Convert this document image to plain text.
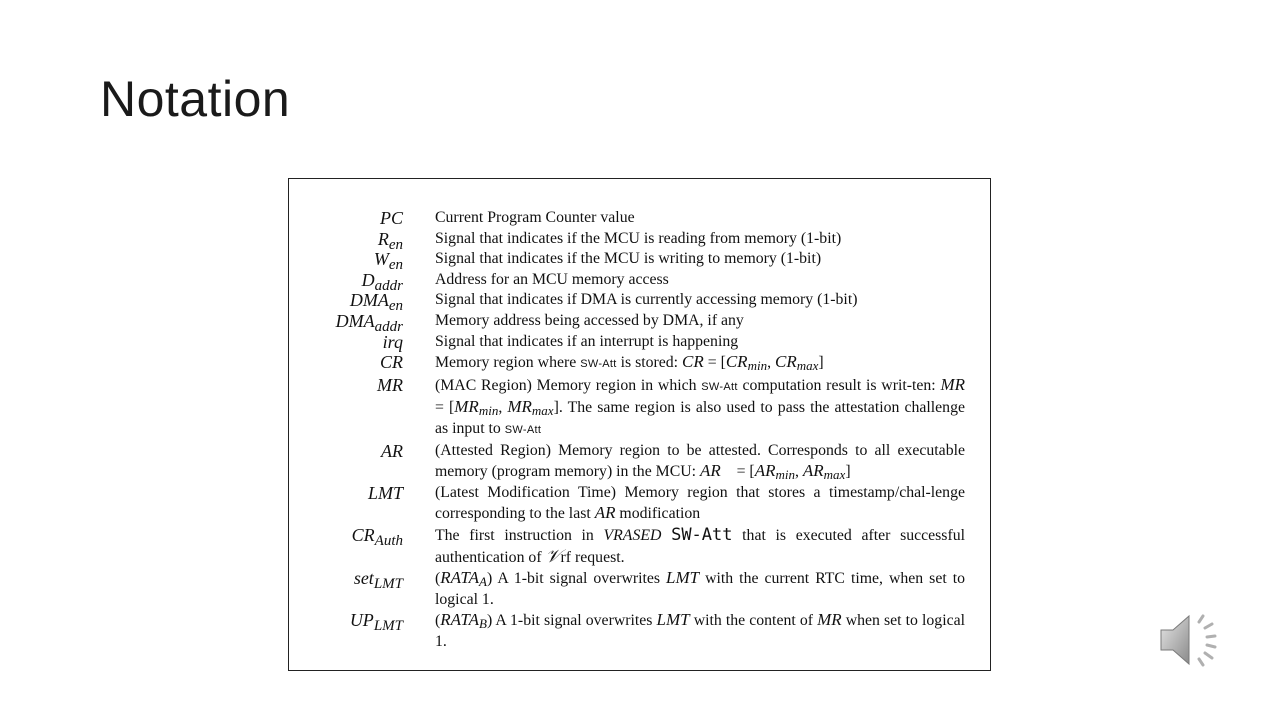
Notation
PC Current Program Counter value
$R_{en}$ Signal that indicates if the MCU is reading from memory (1-bit)
$W_{en}$ Signal that indicates if the MCU is writing to memory (1-bit)
$D_{addr}$ Address for an MCU memory access
$DMA_{en}$ Signal that indicates if DMA is currently accessing memory (1-bit)
$DMA_{addr}$ Memory address being accessed by DMA, if any
irq Signal that indicates if an interrupt is happening
CR Memory region where SW-Att is stored: CR = [$CR_{min}$, $CR_{max}$]
MR (MAC Region) Memory region in which SW-Att computation result is writ-ten: MR = [$MR_{min}$, $MR_{max}$]. The same region is also used to pass the attestation challenge as input to SW-Att
AR (Attested Region) Memory region to be attested. Corresponds to all executable memory (program memory) in the MCU: AR    = [$AR_{min}$, $AR_{max}$]
LMT (Latest Modification Time) Memory region that stores a timestamp/chal-lenge corresponding to the last AR modification
$CR_{Auth}$ The first instruction in VRASED SW-Att that is executed after successful authentication of 𝒱rf request.
set$_{LMT}$ $(RATA_A)$ A 1-bit signal overwrites LMT with the current RTC time, when set to logical 1.
$UP_{LMT}$ $(RATA_B)$ A 1-bit signal overwrites LMT with the content of MR when set to logical 1.
